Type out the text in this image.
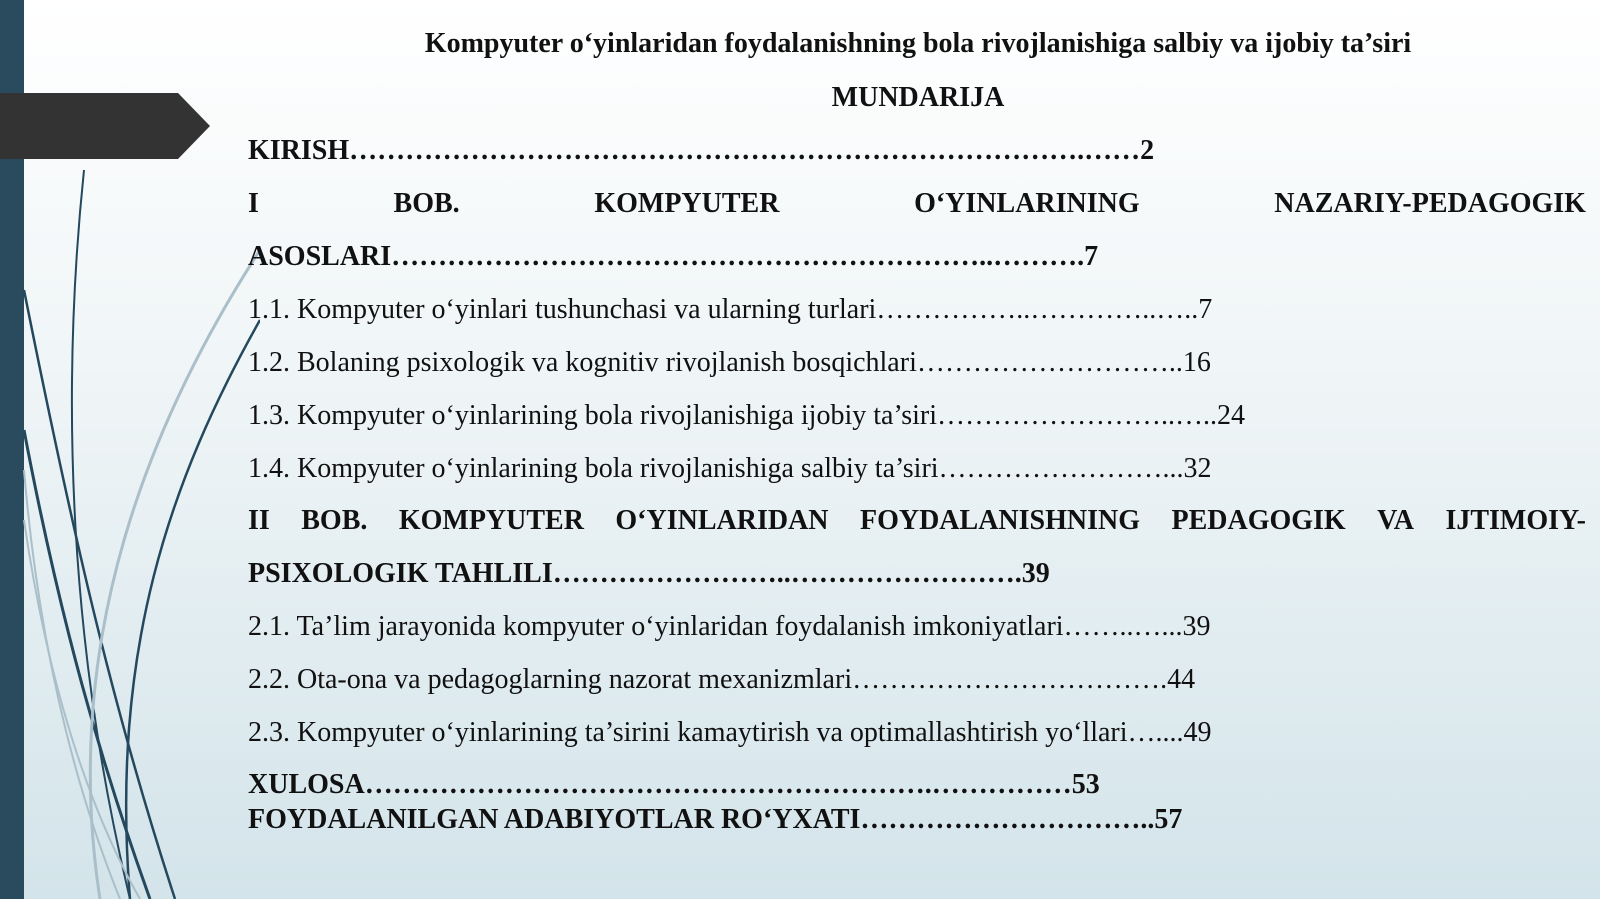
Kompyuter o‘yinlaridan foydalanishning bola rivojlanishiga salbiy va ijobiy ta’siri
MUNDARIJA
KIRISH…………………………………………………………………….……2
I	BOB.	KOMPYUTER	O‘YINLARINING	NAZARIY-PEDAGOGIK
ASOSLARI………………………………………………………..……….7
1.1. Kompyuter o‘yinlari tushunchasi va ularning turlari……………..…………..…..7
1.2. Bolaning psixologik va kognitiv rivojlanish bosqichlari………………………..16
1.3. Kompyuter o‘yinlarining bola rivojlanishiga ijobiy ta’siri……………………..…..24
1.4. Kompyuter o‘yinlarining bola rivojlanishiga salbiy ta’siri……………………...32
II BOB. KOMPYUTER O‘YINLARIDAN FOYDALANISHNING PEDAGOGIK VA IJTIMOIY-
PSIXOLOGIK TAHLILI……………………..…………………….39
2.1. Ta’lim jarayonida kompyuter o‘yinlaridan foydalanish imkoniyatlari……..…...39
2.2. Ota-ona va pedagoglarning nazorat mexanizmlari…………………………….44
2.3. Kompyuter o‘yinlarining ta’sirini kamaytirish va optimallashtirish yo‘llari…....49
XULOSA…………………………………………………….……………53
FOYDALANILGAN ADABIYOTLAR RO‘YXATI…………………………..57
